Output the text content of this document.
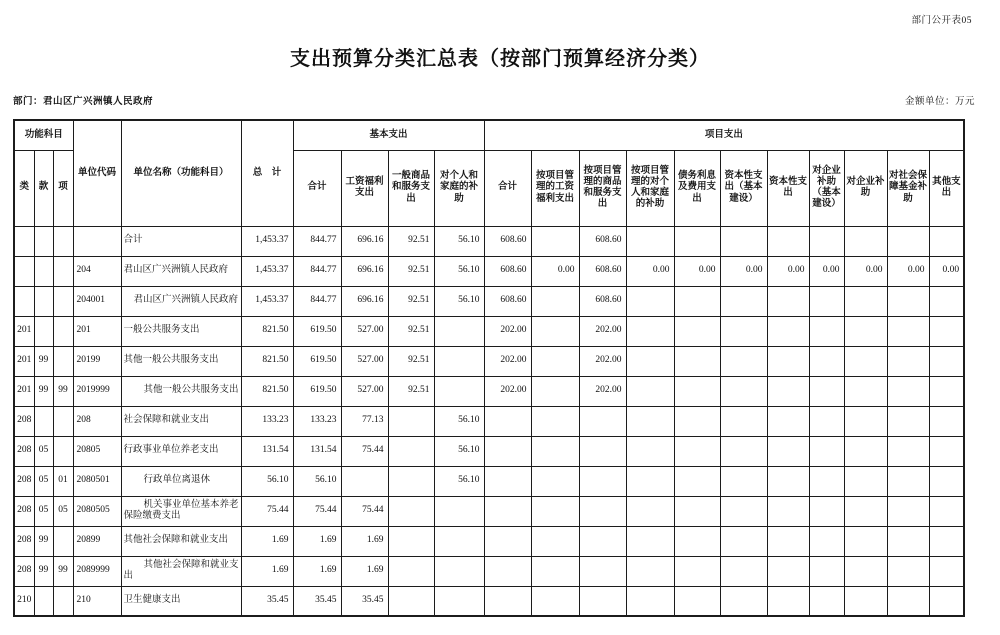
部门公开表05
支出预算分类汇总表（按部门预算经济分类）
部门：君山区广兴洲镇人民政府	金额单位：万元
功能科目			单位代码	单位名称（功能科目）	总　计	基本支出				项目支出										
类	款	项				合计	工资福利支出	一般商品和服务支出	对个人和家庭的补助	合计	按项目管理的工资福利支出	按项目管理的商品和服务支出	按项目管理的对个人和家庭的补助	债务利息及费用支出	资本性支出（基本建设）	资本性支出	对企业补助（基本建设）	对企业补助	对社会保障基金补助	其他支出
				合计	1,453.37	844.77	696.16	92.51	56.10	608.60		608.60								
			204	君山区广兴洲镇人民政府	1,453.37	844.77	696.16	92.51	56.10	608.60	0.00	608.60	0.00	0.00	0.00	0.00	0.00	0.00	0.00	0.00
			204001	君山区广兴洲镇人民政府	1,453.37	844.77	696.16	92.51	56.10	608.60		608.60								
201			201	一般公共服务支出	821.50	619.50	527.00	92.51		202.00		202.00								
201	99		20199	其他一般公共服务支出	821.50	619.50	527.00	92.51		202.00		202.00								
201	99	99	2019999	其他一般公共服务支出	821.50	619.50	527.00	92.51		202.00		202.00								
208			208	社会保障和就业支出	133.23	133.23	77.13		56.10											
208	05		20805	行政事业单位养老支出	131.54	131.54	75.44		56.10											
208	05	01	2080501	行政单位离退休	56.10	56.10			56.10											
208	05	05	2080505	机关事业单位基本养老保险缴费支出	75.44	75.44	75.44													
208	99		20899	其他社会保障和就业支出	1.69	1.69	1.69													
208	99	99	2089999	其他社会保障和就业支出	1.69	1.69	1.69													
210			210	卫生健康支出	35.45	35.45	35.45													
